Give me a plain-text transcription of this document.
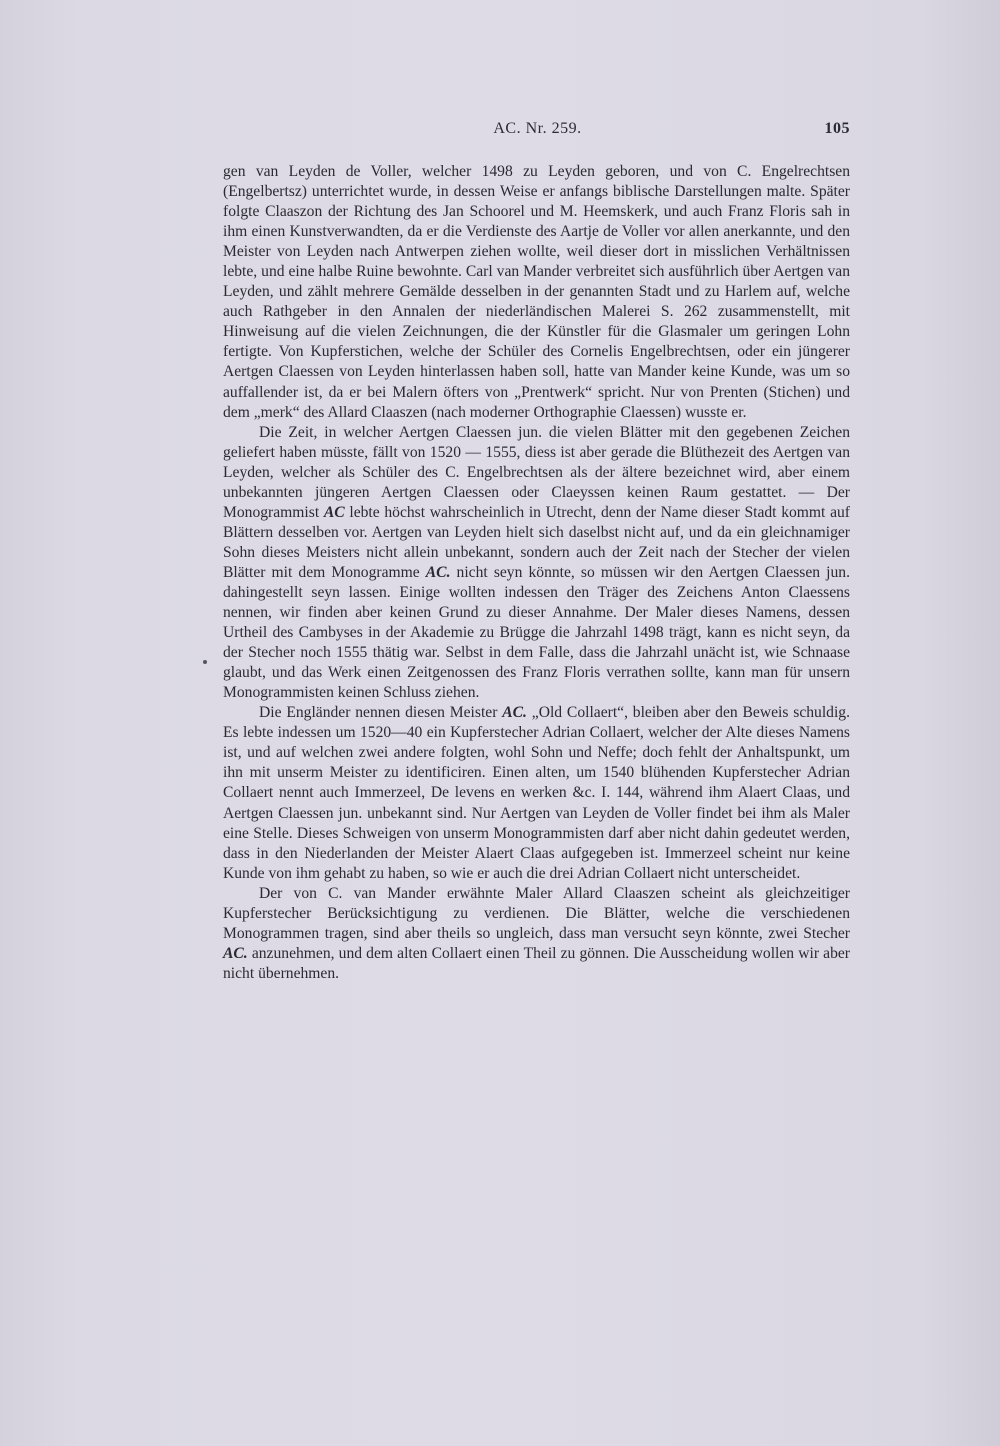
AC. Nr. 259.	105

gen van Leyden de Voller, welcher 1498 zu Leyden geboren, und von C. Engelrechtsen (Engelbertsz) unterrichtet wurde, in dessen Weise er anfangs biblische Darstellungen malte. Später folgte Claaszon der Richtung des Jan Schoorel und M. Heemskerk, und auch Franz Floris sah in ihm einen Kunstverwandten, da er die Verdienste des Aartje de Voller vor allen anerkannte, und den Meister von Leyden nach Antwerpen ziehen wollte, weil dieser dort in misslichen Verhältnissen lebte, und eine halbe Ruine bewohnte. Carl van Mander verbreitet sich ausführlich über Aertgen van Leyden, und zählt mehrere Gemälde desselben in der genannten Stadt und zu Harlem auf, welche auch Rathgeber in den Annalen der niederländischen Malerei S. 262 zusammenstellt, mit Hinweisung auf die vielen Zeichnungen, die der Künstler für die Glasmaler um geringen Lohn fertigte. Von Kupferstichen, welche der Schüler des Cornelis Engelbrechtsen, oder ein jüngerer Aertgen Claessen von Leyden hinterlassen haben soll, hatte van Mander keine Kunde, was um so auffallender ist, da er bei Malern öfters von „Prentwerk“ spricht. Nur von Prenten (Stichen) und dem „merk“ des Allard Claaszen (nach moderner Orthographie Claessen) wusste er.

Die Zeit, in welcher Aertgen Claessen jun. die vielen Blätter mit den gegebenen Zeichen geliefert haben müsste, fällt von 1520 — 1555, diess ist aber gerade die Blüthezeit des Aertgen van Leyden, welcher als Schüler des C. Engelbrechtsen als der ältere bezeichnet wird, aber einem unbekannten jüngeren Aertgen Claessen oder Claeyssen keinen Raum gestattet. — Der Monogrammist AC lebte höchst wahrscheinlich in Utrecht, denn der Name dieser Stadt kommt auf Blättern desselben vor. Aertgen van Leyden hielt sich daselbst nicht auf, und da ein gleichnamiger Sohn dieses Meisters nicht allein unbekannt, sondern auch der Zeit nach der Stecher der vielen Blätter mit dem Monogramme AC. nicht seyn könnte, so müssen wir den Aertgen Claessen jun. dahingestellt seyn lassen. Einige wollten indessen den Träger des Zeichens Anton Claessens nennen, wir finden aber keinen Grund zu dieser Annahme. Der Maler dieses Namens, dessen Urtheil des Cambyses in der Akademie zu Brügge die Jahrzahl 1498 trägt, kann es nicht seyn, da der Stecher noch 1555 thätig war. Selbst in dem Falle, dass die Jahrzahl unächt ist, wie Schnaase glaubt, und das Werk einen Zeitgenossen des Franz Floris verrathen sollte, kann man für unsern Monogrammisten keinen Schluss ziehen.

Die Engländer nennen diesen Meister AC. „Old Collaert“, bleiben aber den Beweis schuldig. Es lebte indessen um 1520—40 ein Kupferstecher Adrian Collaert, welcher der Alte dieses Namens ist, und auf welchen zwei andere folgten, wohl Sohn und Neffe; doch fehlt der Anhaltspunkt, um ihn mit unserm Meister zu identificiren. Einen alten, um 1540 blühenden Kupferstecher Adrian Collaert nennt auch Immerzeel, De levens en werken &c. I. 144, während ihm Alaert Claas, und Aertgen Claessen jun. unbekannt sind. Nur Aertgen van Leyden de Voller findet bei ihm als Maler eine Stelle. Dieses Schweigen von unserm Monogrammisten darf aber nicht dahin gedeutet werden, dass in den Niederlanden der Meister Alaert Claas aufgegeben ist. Immerzeel scheint nur keine Kunde von ihm gehabt zu haben, so wie er auch die drei Adrian Collaert nicht unterscheidet.

Der von C. van Mander erwähnte Maler Allard Claaszen scheint als gleichzeitiger Kupferstecher Berücksichtigung zu verdienen. Die Blätter, welche die verschiedenen Monogrammen tragen, sind aber theils so ungleich, dass man versucht seyn könnte, zwei Stecher AC. anzunehmen, und dem alten Collaert einen Theil zu gönnen. Die Ausscheidung wollen wir aber nicht übernehmen.
